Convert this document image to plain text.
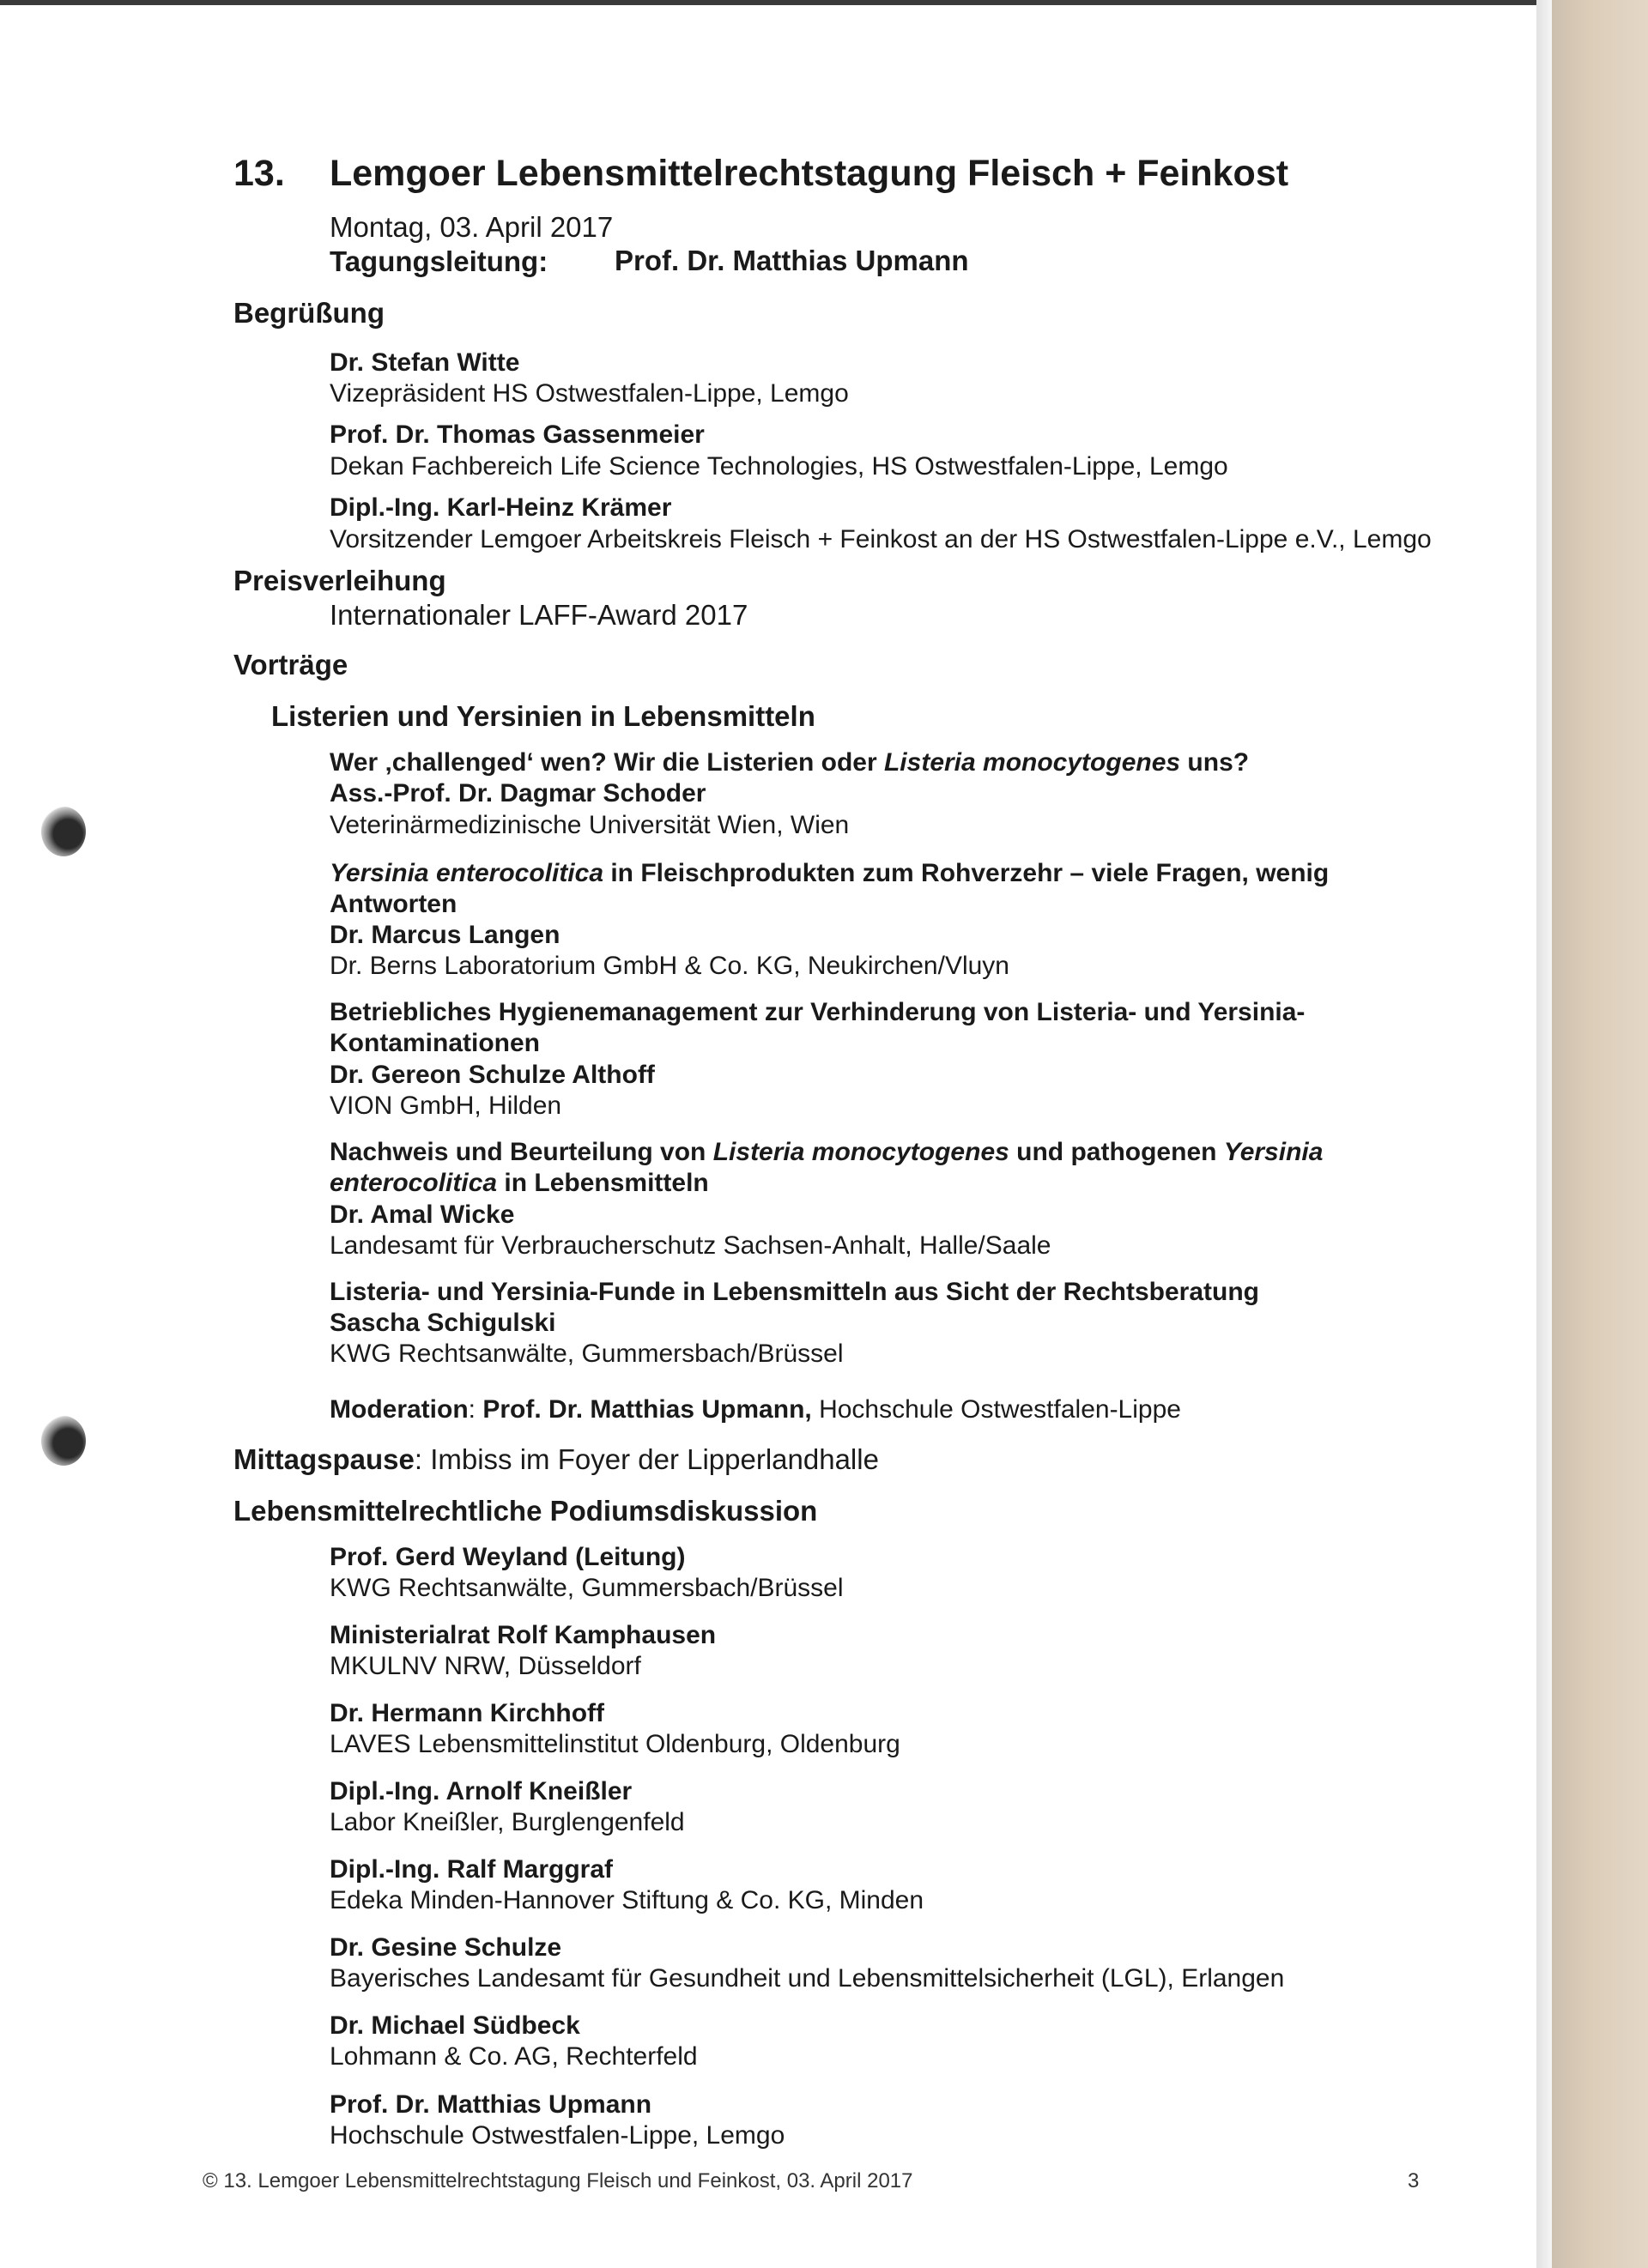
13. Lemgoer Lebensmittelrechtstagung Fleisch + Feinkost
Montag, 03. April 2017
Tagungsleitung: Prof. Dr. Matthias Upmann
Begrüßung
Dr. Stefan Witte
Vizepräsident HS Ostwestfalen-Lippe, Lemgo
Prof. Dr. Thomas Gassenmeier
Dekan Fachbereich Life Science Technologies, HS Ostwestfalen-Lippe, Lemgo
Dipl.-Ing. Karl-Heinz Krämer
Vorsitzender Lemgoer Arbeitskreis Fleisch + Feinkost an der HS Ostwestfalen-Lippe e.V., Lemgo
Preisverleihung
Internationaler LAFF-Award 2017
Vorträge
Listerien und Yersinien in Lebensmitteln
Wer ‚challenged‘ wen? Wir die Listerien oder Listeria monocytogenes uns?
Ass.-Prof. Dr. Dagmar Schoder
Veterinärmedizinische Universität Wien, Wien
Yersinia enterocolitica in Fleischprodukten zum Rohverzehr – viele Fragen, wenig
Antworten
Dr. Marcus Langen
Dr. Berns Laboratorium GmbH & Co. KG, Neukirchen/Vluyn
Betriebliches Hygienemanagement zur Verhinderung von Listeria- und Yersinia-
Kontaminationen
Dr. Gereon Schulze Althoff
VION GmbH, Hilden
Nachweis und Beurteilung von Listeria monocytogenes und pathogenen Yersinia
enterocolitica in Lebensmitteln
Dr. Amal Wicke
Landesamt für Verbraucherschutz Sachsen-Anhalt, Halle/Saale
Listeria- und Yersinia-Funde in Lebensmitteln aus Sicht der Rechtsberatung
Sascha Schigulski
KWG Rechtsanwälte, Gummersbach/Brüssel
Moderation: Prof. Dr. Matthias Upmann, Hochschule Ostwestfalen-Lippe
Mittagspause: Imbiss im Foyer der Lipperlandhalle
Lebensmittelrechtliche Podiumsdiskussion
Prof. Gerd Weyland (Leitung)
KWG Rechtsanwälte, Gummersbach/Brüssel
Ministerialrat Rolf Kamphausen
MKULNV NRW, Düsseldorf
Dr. Hermann Kirchhoff
LAVES Lebensmittelinstitut Oldenburg, Oldenburg
Dipl.-Ing. Arnolf Kneißler
Labor Kneißler, Burglengenfeld
Dipl.-Ing. Ralf Marggraf
Edeka Minden-Hannover Stiftung & Co. KG, Minden
Dr. Gesine Schulze
Bayerisches Landesamt für Gesundheit und Lebensmittelsicherheit (LGL), Erlangen
Dr. Michael Südbeck
Lohmann & Co. AG, Rechterfeld
Prof. Dr. Matthias Upmann
Hochschule Ostwestfalen-Lippe, Lemgo
© 13. Lemgoer Lebensmittelrechtstagung Fleisch und Feinkost, 03. April 2017	3
